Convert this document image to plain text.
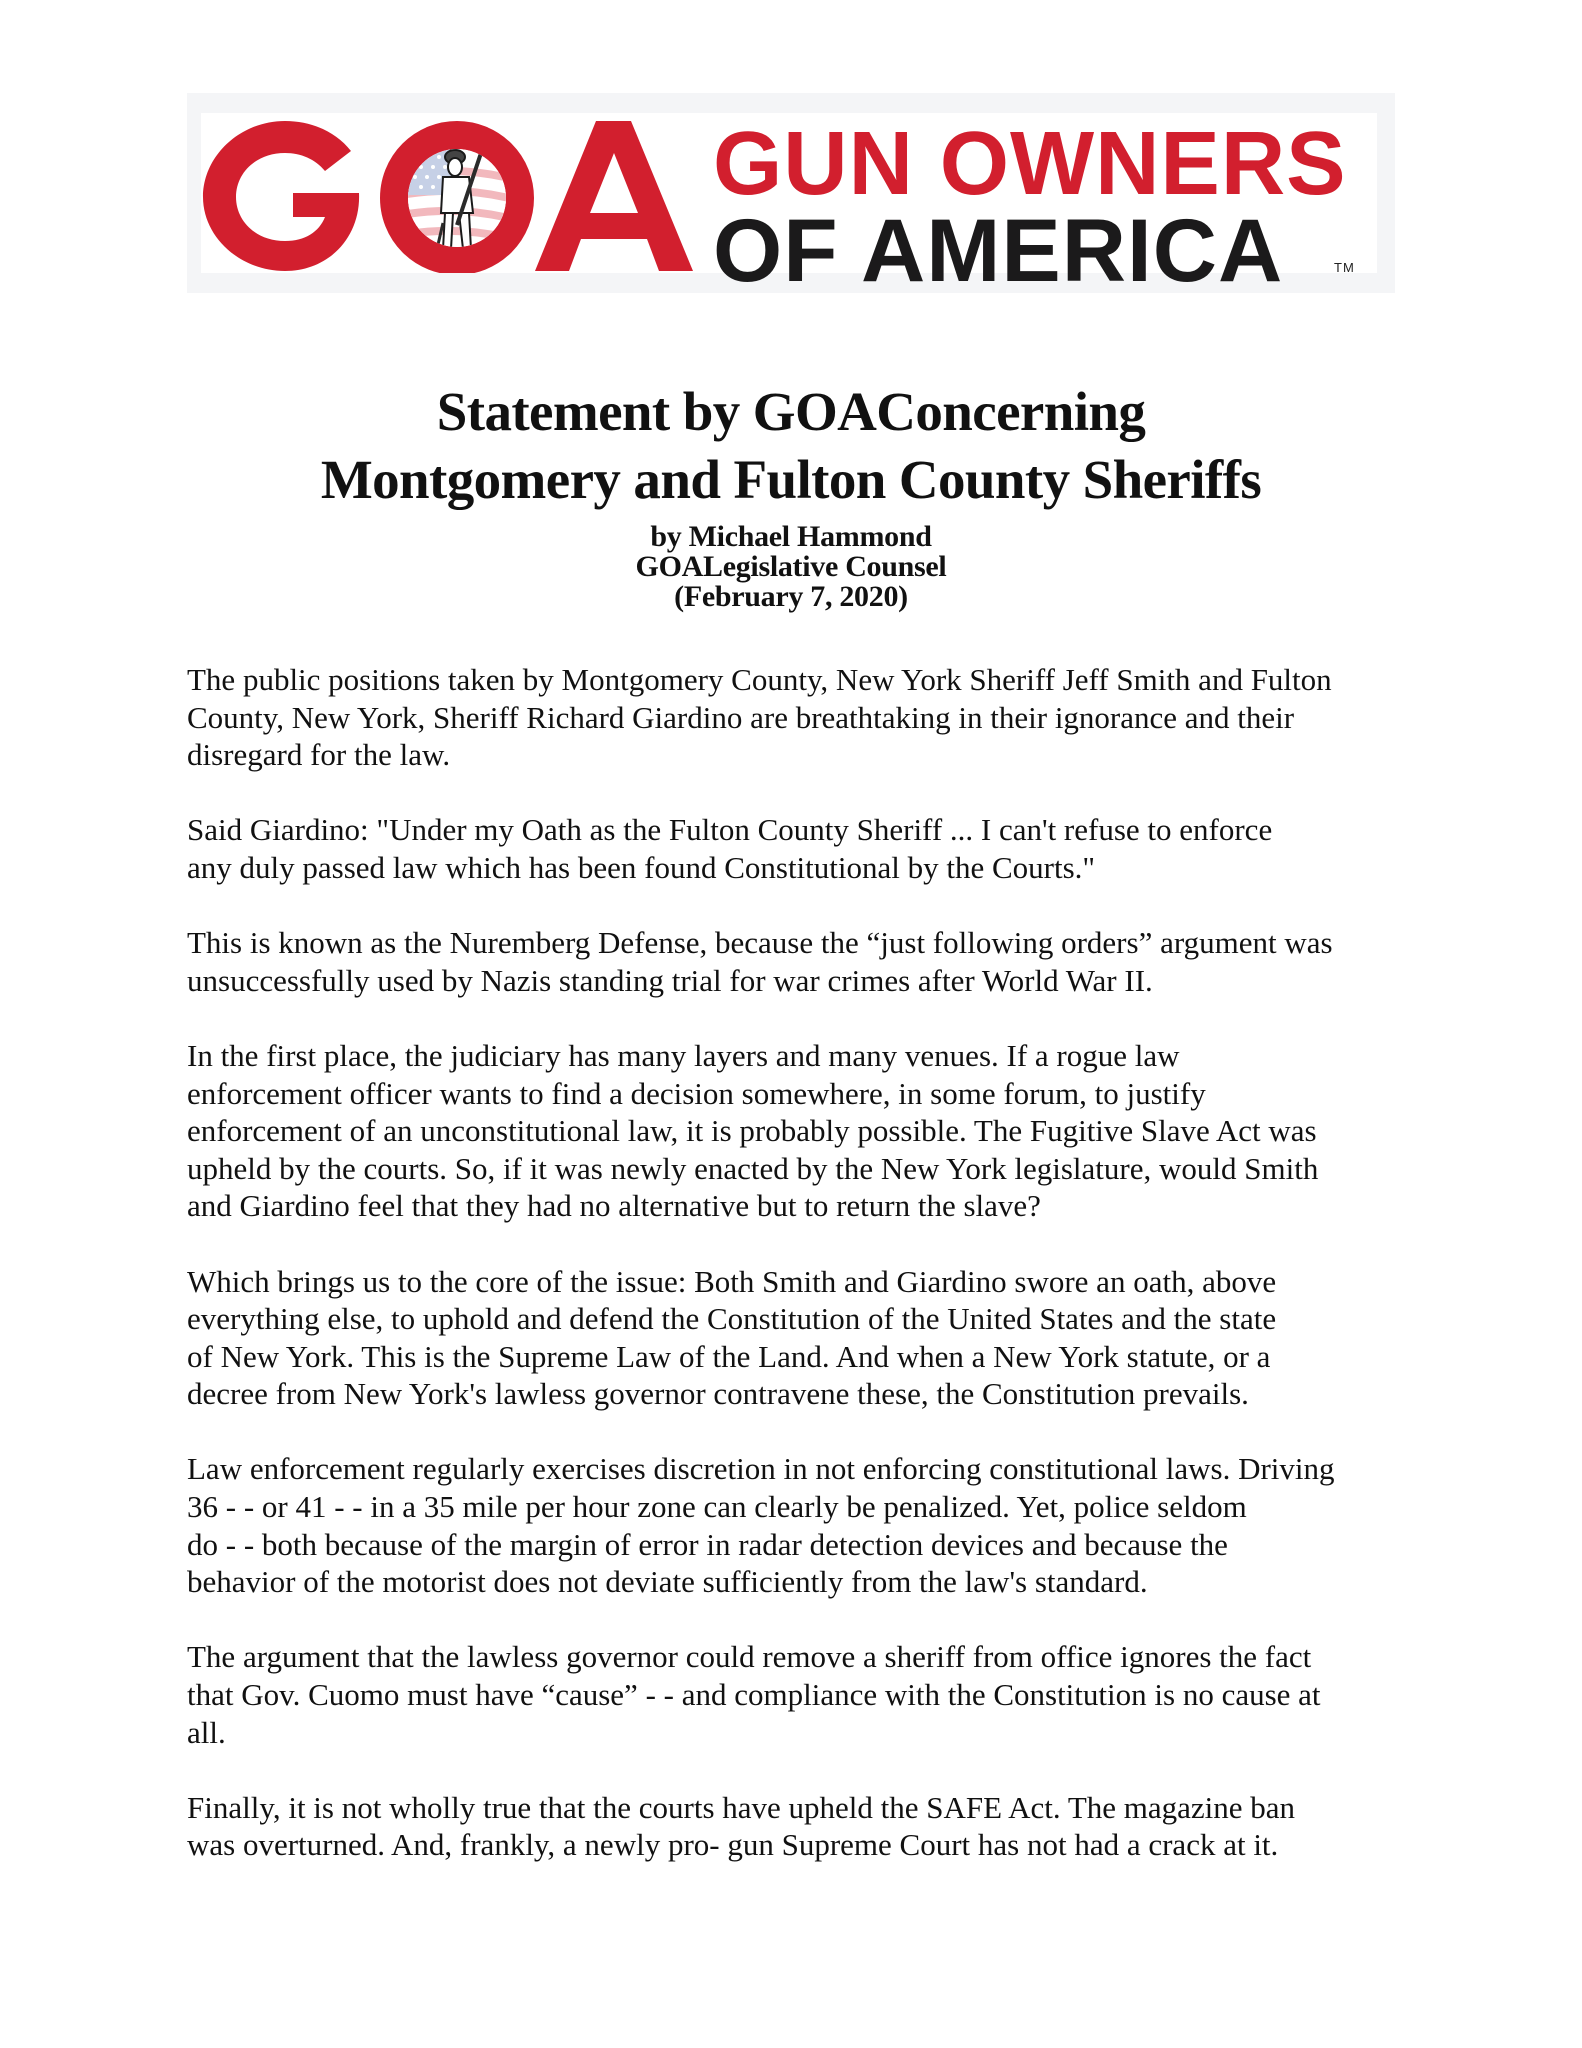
GUN OWNERS
OF AMERICA	TM
Statement by GOAConcerning
Montgomery and Fulton County Sheriffs
by Michael Hammond
GOALegislative Counsel
(February 7, 2020)

The public positions taken by Montgomery County, New York Sheriff Jeff Smith and Fulton
County, New York, Sheriff Richard Giardino are breathtaking in their ignorance and their
disregard for the law.

Said Giardino: "Under my Oath as the Fulton County Sheriff ... I can't refuse to enforce
any duly passed law which has been found Constitutional by the Courts."

This is known as the Nuremberg Defense, because the “just following orders” argument was
unsuccessfully used by Nazis standing trial for war crimes after World War II.

In the first place, the judiciary has many layers and many venues. If a rogue law
enforcement officer wants to find a decision somewhere, in some forum, to justify
enforcement of an unconstitutional law, it is probably possible. The Fugitive Slave Act was
upheld by the courts. So, if it was newly enacted by the New York legislature, would Smith
and Giardino feel that they had no alternative but to return the slave?

Which brings us to the core of the issue: Both Smith and Giardino swore an oath, above
everything else, to uphold and defend the Constitution of the United States and the state
of New York. This is the Supreme Law of the Land. And when a New York statute, or a
decree from New York's lawless governor contravene these, the Constitution prevails.

Law enforcement regularly exercises discretion in not enforcing constitutional laws. Driving
36 - - or 41 - - in a 35 mile per hour zone can clearly be penalized. Yet, police seldom
do - - both because of the margin of error in radar detection devices and because the
behavior of the motorist does not deviate sufficiently from the law's standard.

The argument that the lawless governor could remove a sheriff from office ignores the fact
that Gov. Cuomo must have “cause” - - and compliance with the Constitution is no cause at
all.

Finally, it is not wholly true that the courts have upheld the SAFE Act. The magazine ban
was overturned. And, frankly, a newly pro- gun Supreme Court has not had a crack at it.
